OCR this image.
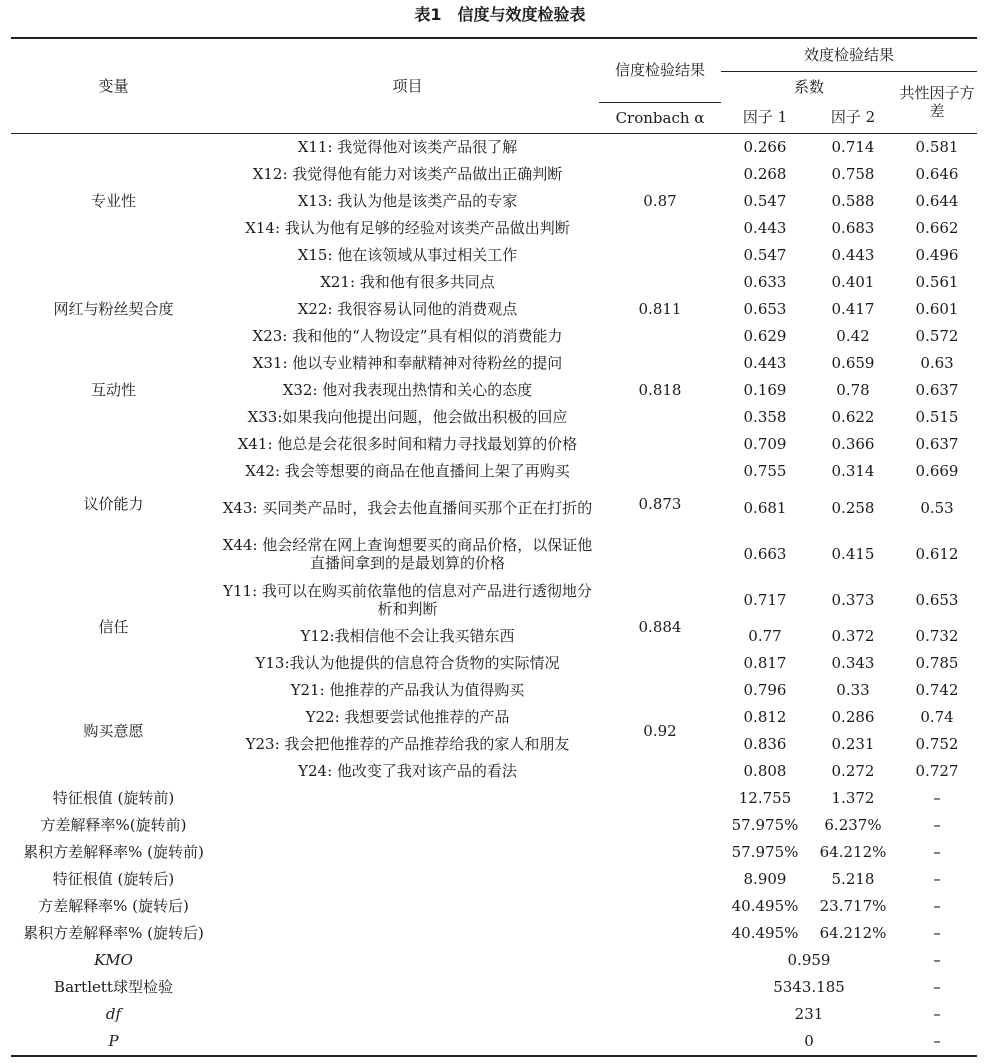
表1　信度与效度检验表
变量	项目	信度检验结果	效度检验结果		
			系数		共性因子方差
		Cronbach α	因子 1	因子 2	
专业性	X11: 我觉得他对该类产品很了解	0.87	0.266	0.714	0.581
	X12: 我觉得他有能力对该类产品做出正确判断		0.268	0.758	0.646
	X13: 我认为他是该类产品的专家		0.547	0.588	0.644
	X14: 我认为他有足够的经验对该类产品做出判断		0.443	0.683	0.662
	X15: 他在该领域从事过相关工作		0.547	0.443	0.496
网红与粉丝契合度	X21: 我和他有很多共同点	0.811	0.633	0.401	0.561
	X22: 我很容易认同他的消费观点		0.653	0.417	0.601
	X23: 我和他的“人物设定”具有相似的消费能力		0.629	0.42	0.572
互动性	X31: 他以专业精神和奉献精神对待粉丝的提问	0.818	0.443	0.659	0.63
	X32: 他对我表现出热情和关心的态度		0.169	0.78	0.637
	X33:如果我向他提出问题，他会做出积极的回应		0.358	0.622	0.515
议价能力	X41: 他总是会花很多时间和精力寻找最划算的价格	0.873	0.709	0.366	0.637
	X42: 我会等想要的商品在他直播间上架了再购买		0.755	0.314	0.669
	X43: 买同类产品时，我会去他直播间买那个正在打折的		0.681	0.258	0.53
	X44: 他会经常在网上查询想要买的商品价格，以保证他直播间拿到的是最划算的价格		0.663	0.415	0.612
信任	Y11: 我可以在购买前依靠他的信息对产品进行透彻地分析和判断	0.884	0.717	0.373	0.653
	Y12:我相信他不会让我买错东西		0.77	0.372	0.732
	Y13:我认为他提供的信息符合货物的实际情况		0.817	0.343	0.785
购买意愿	Y21: 他推荐的产品我认为值得购买	0.92	0.796	0.33	0.742
	Y22: 我想要尝试他推荐的产品		0.812	0.286	0.74
	Y23: 我会把他推荐的产品推荐给我的家人和朋友		0.836	0.231	0.752
	Y24: 他改变了我对该产品的看法		0.808	0.272	0.727
特征根值 (旋转前)			12.755	1.372	–
方差解释率%(旋转前)			57.975%	6.237%	–
累积方差解释率% (旋转前)			57.975%	64.212%	–
特征根值 (旋转后)			8.909	5.218	–
方差解释率% (旋转后)			40.495%	23.717%	–
累积方差解释率% (旋转后)			40.495%	64.212%	–
KMO			0.959		–
Bartlett球型检验			5343.185		–
df			231		–
P			0		–
